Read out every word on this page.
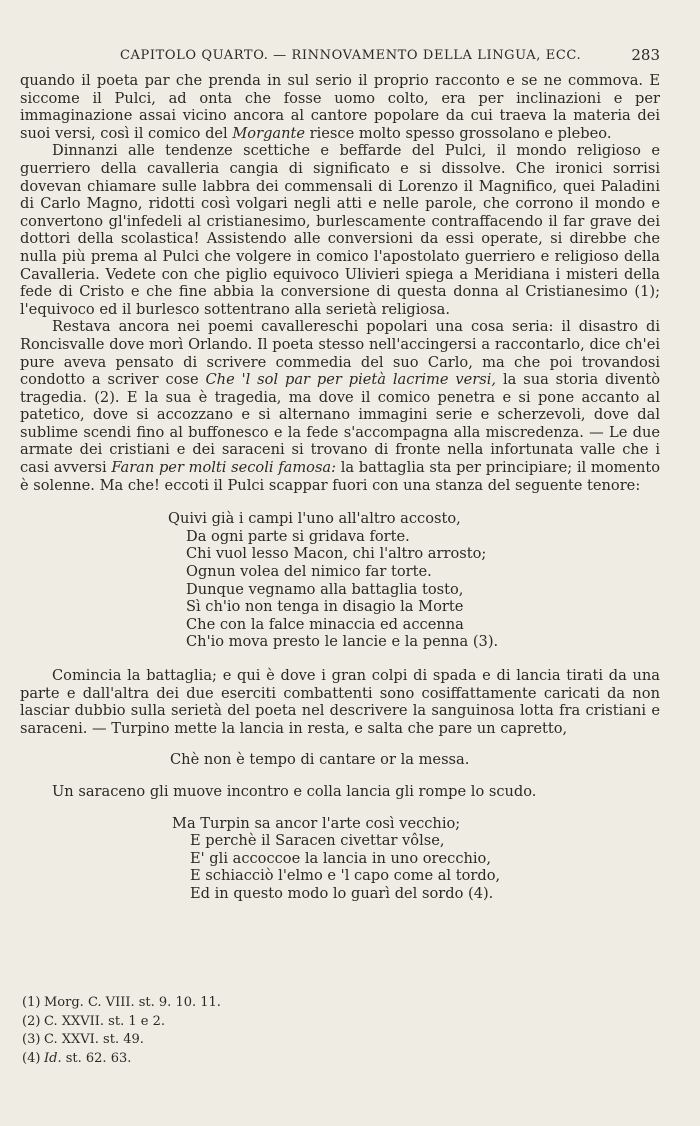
CAPITOLO QUARTO. — RINNOVAMENTO DELLA LINGUA, ECC.	283

quando il poeta par che prenda in sul serio il proprio racconto e se ne commova. E siccome il Pulci, ad onta che fosse uomo colto, era per inclinazioni e per immaginazione assai vicino ancora al cantore popolare da cui traeva la materia dei suoi versi, così il comico del Morgante riesce molto spesso grossolano e plebeo.

Dinnanzi alle tendenze scettiche e beffarde del Pulci, il mondo religioso e guerriero della cavalleria cangia di significato e si dissolve. Che ironici sorrisi dovevan chiamare sulle labbra dei commensali di Lorenzo il Magnifico, quei Paladini di Carlo Magno, ridotti così volgari negli atti e nelle parole, che corrono il mondo e convertono gl'infedeli al cristianesimo, burlescamente contraffacendo il far grave dei dottori della scolastica! Assistendo alle conversioni da essi operate, si direbbe che nulla più prema al Pulci che volgere in comico l'apostolato guerriero e religioso della Cavalleria. Vedete con che piglio equivoco Ulivieri spiega a Meridiana i misteri della fede di Cristo e che fine abbia la conversione di questa donna al Cristianesimo (1); l'equivoco ed il burlesco sottentrano alla serietà religiosa.

Restava ancora nei poemi cavallereschi popolari una cosa seria: il disastro di Roncisvalle dove morì Orlando. Il poeta stesso nell'accingersi a raccontarlo, dice ch'ei pure aveva pensato di scrivere commedia del suo Carlo, ma che poi trovandosi condotto a scriver cose Che 'l sol par per pietà lacrime versi, la sua storia diventò tragedia. (2). E la sua è tragedia, ma dove il comico penetra e si pone accanto al patetico, dove si accozzano e si alternano immagini serie e scherzevoli, dove dal sublime scendi fino al buffonesco e la fede s'accompagna alla miscredenza. — Le due armate dei cristiani e dei saraceni si trovano di fronte nella infortunata valle che i casi avversi Faran per molti secoli famosa: la battaglia sta per principiare; il momento è solenne. Ma che! eccoti il Pulci scappar fuori con una stanza del seguente tenore:

Quivi già i campi l'uno all'altro accosto,
Da ogni parte si gridava forte.
Chi vuol lesso Macon, chi l'altro arrosto;
Ognun volea del nimico far torte.
Dunque vegnamo alla battaglia tosto,
Sì ch'io non tenga in disagio la Morte
Che con la falce minaccia ed accenna
Ch'io mova presto le lancie e la penna (3).

Comincia la battaglia; e qui è dove i gran colpi di spada e di lancia tirati da una parte e dall'altra dei due eserciti combattenti sono cosiffattamente caricati da non lasciar dubbio sulla serietà del poeta nel descrivere la sanguinosa lotta fra cristiani e saraceni. — Turpino mette la lancia in resta, e salta che pare un capretto,

Chè non è tempo di cantare or la messa.

Un saraceno gli muove incontro e colla lancia gli rompe lo scudo.

Ma Turpin sa ancor l'arte così vecchio;
E perchè il Saracen civettar vôlse,
E' gli accoccoe la lancia in uno orecchio,
E schiacciò l'elmo e 'l capo come al tordo,
Ed in questo modo lo guarì del sordo (4).
(1) Morg. C. VIII. st. 9. 10. 11.
(2) C. XXVII. st. 1 e 2.
(3) C. XXVI. st. 49.
(4) Id. st. 62. 63.
